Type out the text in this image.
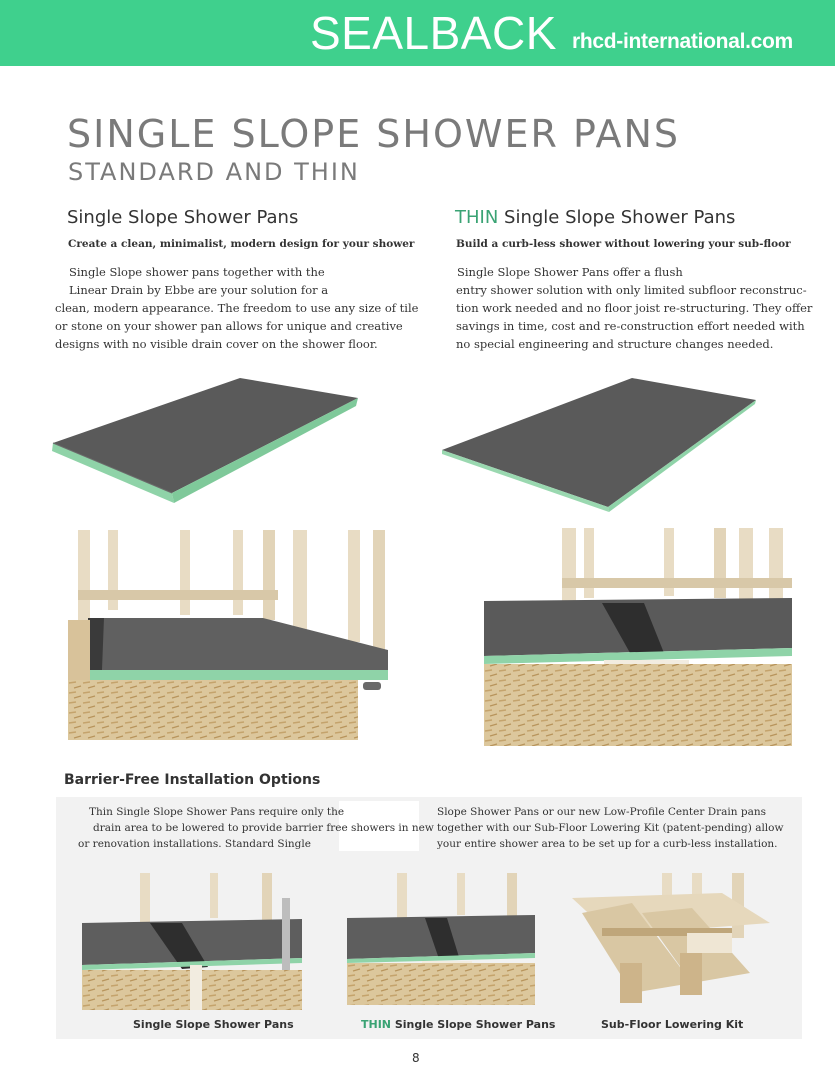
SEALBACK rhcd-international.com
SINGLE SLOPE SHOWER PANS
STANDARD AND THIN
Single Slope Shower Pans
Create a clean, minimalist, modern design for your shower

Single Slope shower pans together with the

Linear Drain by Ebbe are your solution for a

clean, modern appearance. The freedom to use any size of tile

or stone on your shower pan allows for unique and creative

designs with no visible drain cover on the shower floor.

THIN Single Slope Shower Pans
Build a curb-less shower without lowering your sub-floor

Single Slope Shower Pans offer a flush

entry shower solution with only limited subfloor reconstruc-

tion work needed and no floor joist re-structuring. They offer

savings in time, cost and re-construction effort needed with

no special engineering and structure changes needed.

Barrier-Free Installation Options

Thin Single Slope Shower Pans require only the

drain area to be lowered to provide barrier free showers in new

or renovation installations. Standard Single

Slope Shower Pans or our new Low-Profile Center Drain pans

together with our Sub-Floor Lowering Kit (patent-pending) allow

your entire shower area to be set up for a curb-less installation.

Single Slope Shower Pans	THIN Single Slope Shower Pans	Sub-Floor Lowering Kit
8
